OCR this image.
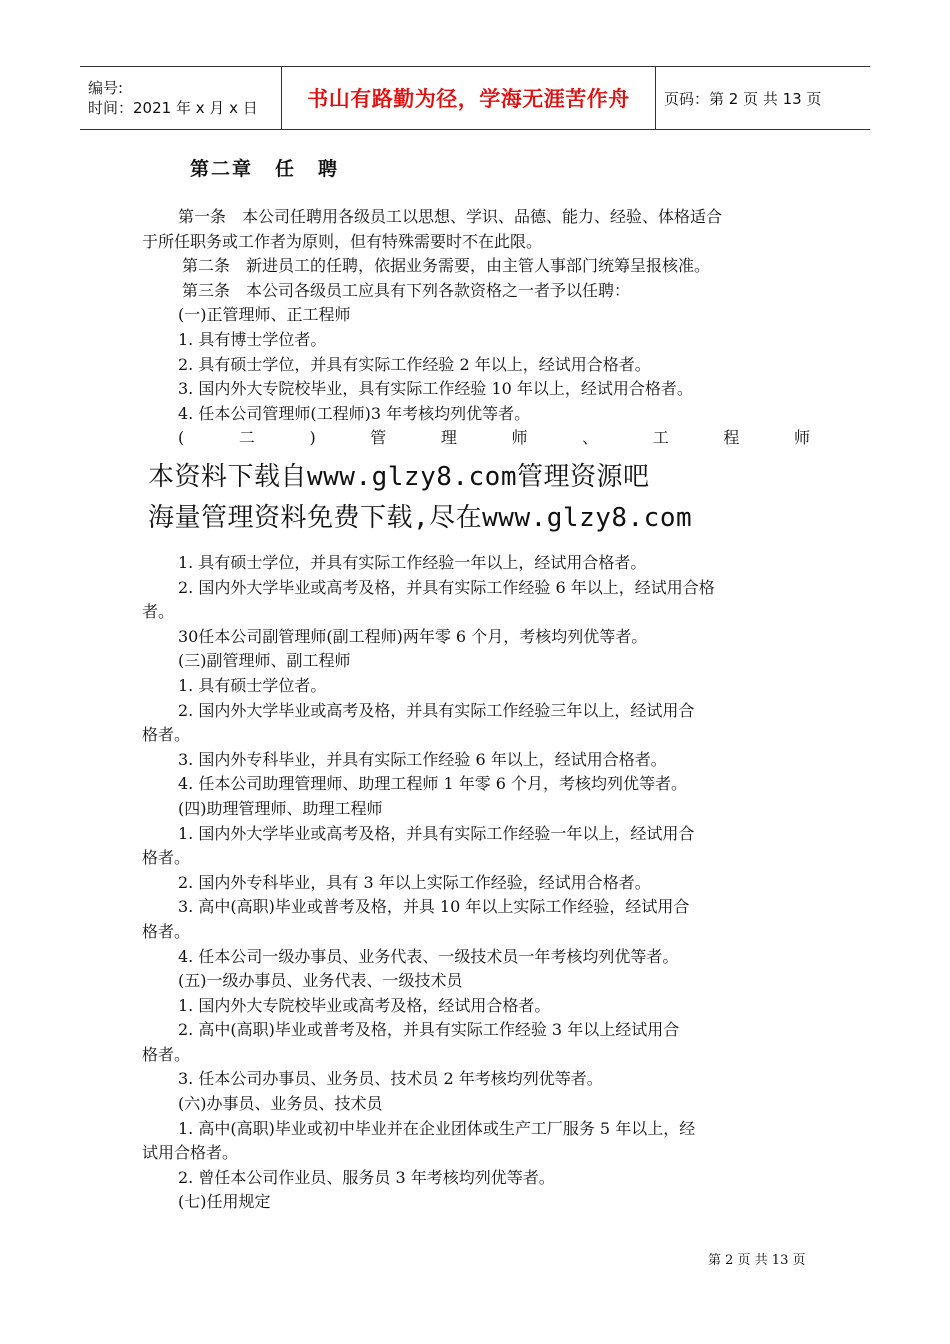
编号:
时间：2021 年 x 月 x 日	书山有路勤为径，学海无涯苦作舟 页码：第 2 页 共 13 页
第二章 任 聘

第一条　本公司任聘用各级员工以思想、学识、品德、能力、经验、体格适合

于所任职务或工作者为原则，但有特殊需要时不在此限。

第二条　新进员工的任聘，依据业务需要，由主管人事部门统筹呈报核准。

第三条　本公司各级员工应具有下列各款资格之一者予以任聘：

(一)正管理师、正工程师

1. 具有博士学位者。

2. 具有硕士学位，并具有实际工作经验 2 年以上，经试用合格者。

3. 国内外大专院校毕业，具有实际工作经验 10 年以上，经试用合格者。

4. 任本公司管理师(工程师)3 年考核均列优等者。

(	二	)	管	理	师	、	工	程	师
本资料下载自www.glzy8.com管理资源吧
海量管理资料免费下载,尽在www.glzy8.com

1. 具有硕士学位，并具有实际工作经验一年以上，经试用合格者。

2. 国内外大学毕业或高考及格，并具有实际工作经验 6 年以上，经试用合格

者。

30任本公司副管理师(副工程师)两年零 6 个月，考核均列优等者。

(三)副管理师、副工程师

1. 具有硕士学位者。

2. 国内外大学毕业或高考及格，并具有实际工作经验三年以上，经试用合

格者。

3. 国内外专科毕业，并具有实际工作经验 6 年以上，经试用合格者。

4. 任本公司助理管理师、助理工程师 1 年零 6 个月，考核均列优等者。

(四)助理管理师、助理工程师

1. 国内外大学毕业或高考及格，并具有实际工作经验一年以上，经试用合

格者。

2. 国内外专科毕业，具有 3 年以上实际工作经验，经试用合格者。

3. 高中(高职)毕业或普考及格，并具 10 年以上实际工作经验，经试用合

格者。

4. 任本公司一级办事员、业务代表、一级技术员一年考核均列优等者。

(五)一级办事员、业务代表、一级技术员

1. 国内外大专院校毕业或高考及格，经试用合格者。

2. 高中(高职)毕业或普考及格，并具有实际工作经验 3 年以上经试用合

格者。

3. 任本公司办事员、业务员、技术员 2 年考核均列优等者。

(六)办事员、业务员、技术员

1. 高中(高职)毕业或初中毕业并在企业团体或生产工厂服务 5 年以上，经

试用合格者。

2. 曾任本公司作业员、服务员 3 年考核均列优等者。

(七)任用规定

第 2 页 共 13 页
